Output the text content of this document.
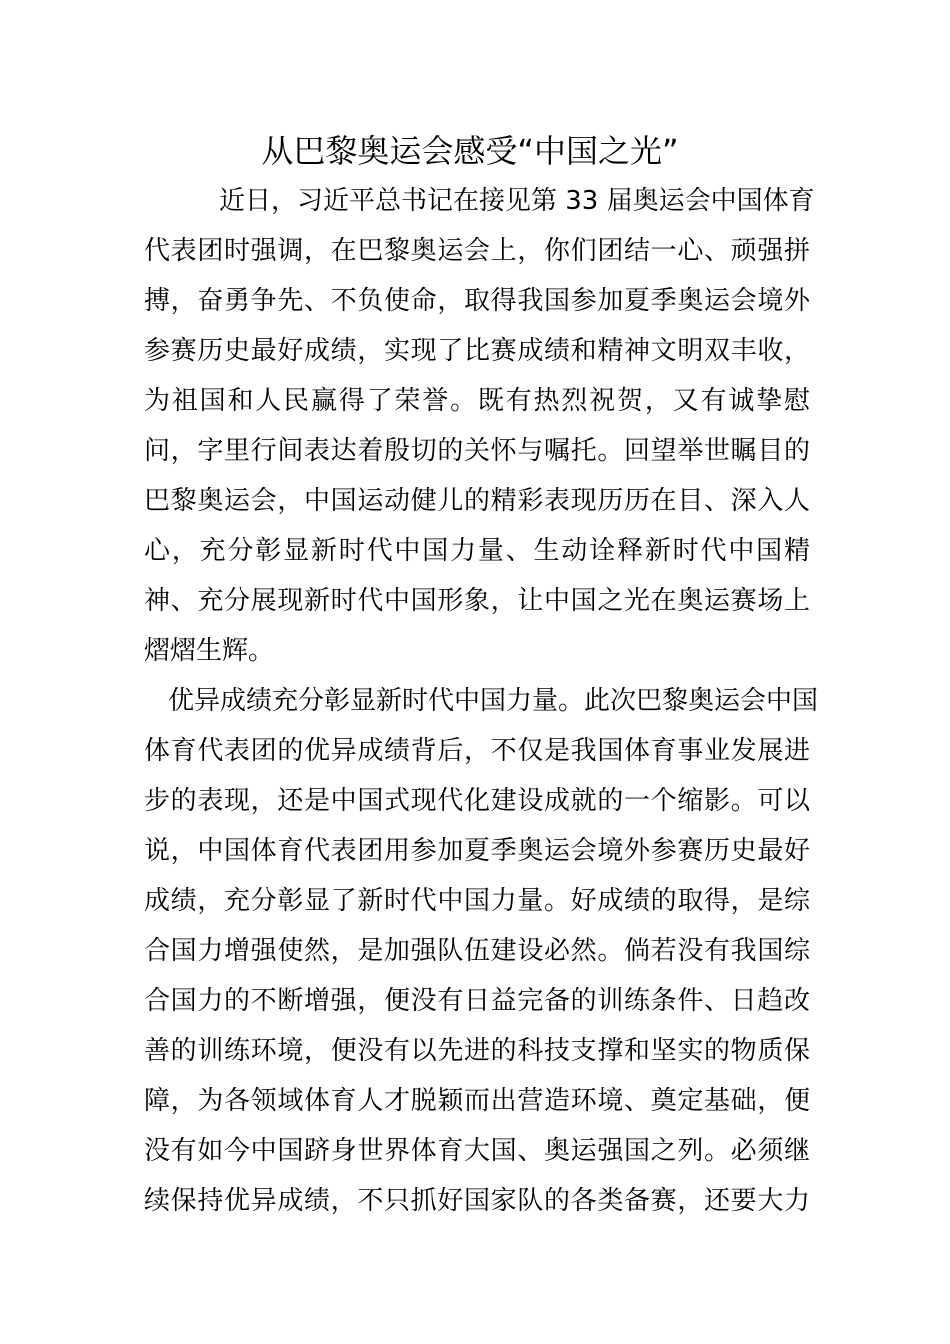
从巴黎奥运会感受“中国之光”
近日，习近平总书记在接见第 33 届奥运会中国体育
代表团时强调，在巴黎奥运会上，你们团结一心、顽强拼
搏，奋勇争先、不负使命，取得我国参加夏季奥运会境外
参赛历史最好成绩，实现了比赛成绩和精神文明双丰收，
为祖国和人民赢得了荣誉。既有热烈祝贺，又有诚挚慰
问，字里行间表达着殷切的关怀与嘱托。回望举世瞩目的
巴黎奥运会，中国运动健儿的精彩表现历历在目、深入人
心，充分彰显新时代中国力量、生动诠释新时代中国精
神、充分展现新时代中国形象，让中国之光在奥运赛场上
熠熠生辉。
优异成绩充分彰显新时代中国力量。此次巴黎奥运会中国
体育代表团的优异成绩背后，不仅是我国体育事业发展进
步的表现，还是中国式现代化建设成就的一个缩影。可以
说，中国体育代表团用参加夏季奥运会境外参赛历史最好
成绩，充分彰显了新时代中国力量。好成绩的取得，是综
合国力增强使然，是加强队伍建设必然。倘若没有我国综
合国力的不断增强，便没有日益完备的训练条件、日趋改
善的训练环境，便没有以先进的科技支撑和坚实的物质保
障，为各领域体育人才脱颖而出营造环境、奠定基础，便
没有如今中国跻身世界体育大国、奥运强国之列。必须继
续保持优异成绩，不只抓好国家队的各类备赛，还要大力
